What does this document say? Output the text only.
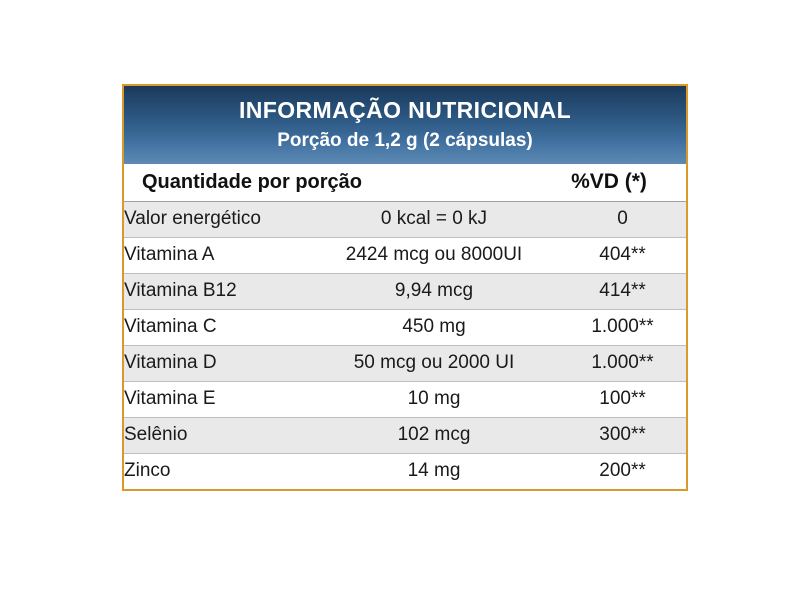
INFORMAÇÃO NUTRICIONAL
Porção de 1,2 g (2 cápsulas)
Quantidade por porção	%VD (*)
Valor energético	0 kcal = 0 kJ	0
Vitamina A	2424 mcg ou 8000UI	404**
Vitamina B12	9,94 mcg	414**
Vitamina C	450 mg	1.000**
Vitamina D	50 mcg ou 2000 UI	1.000**
Vitamina E	10 mg	100**
Selênio	102 mcg	300**
Zinco	14 mg	200**
